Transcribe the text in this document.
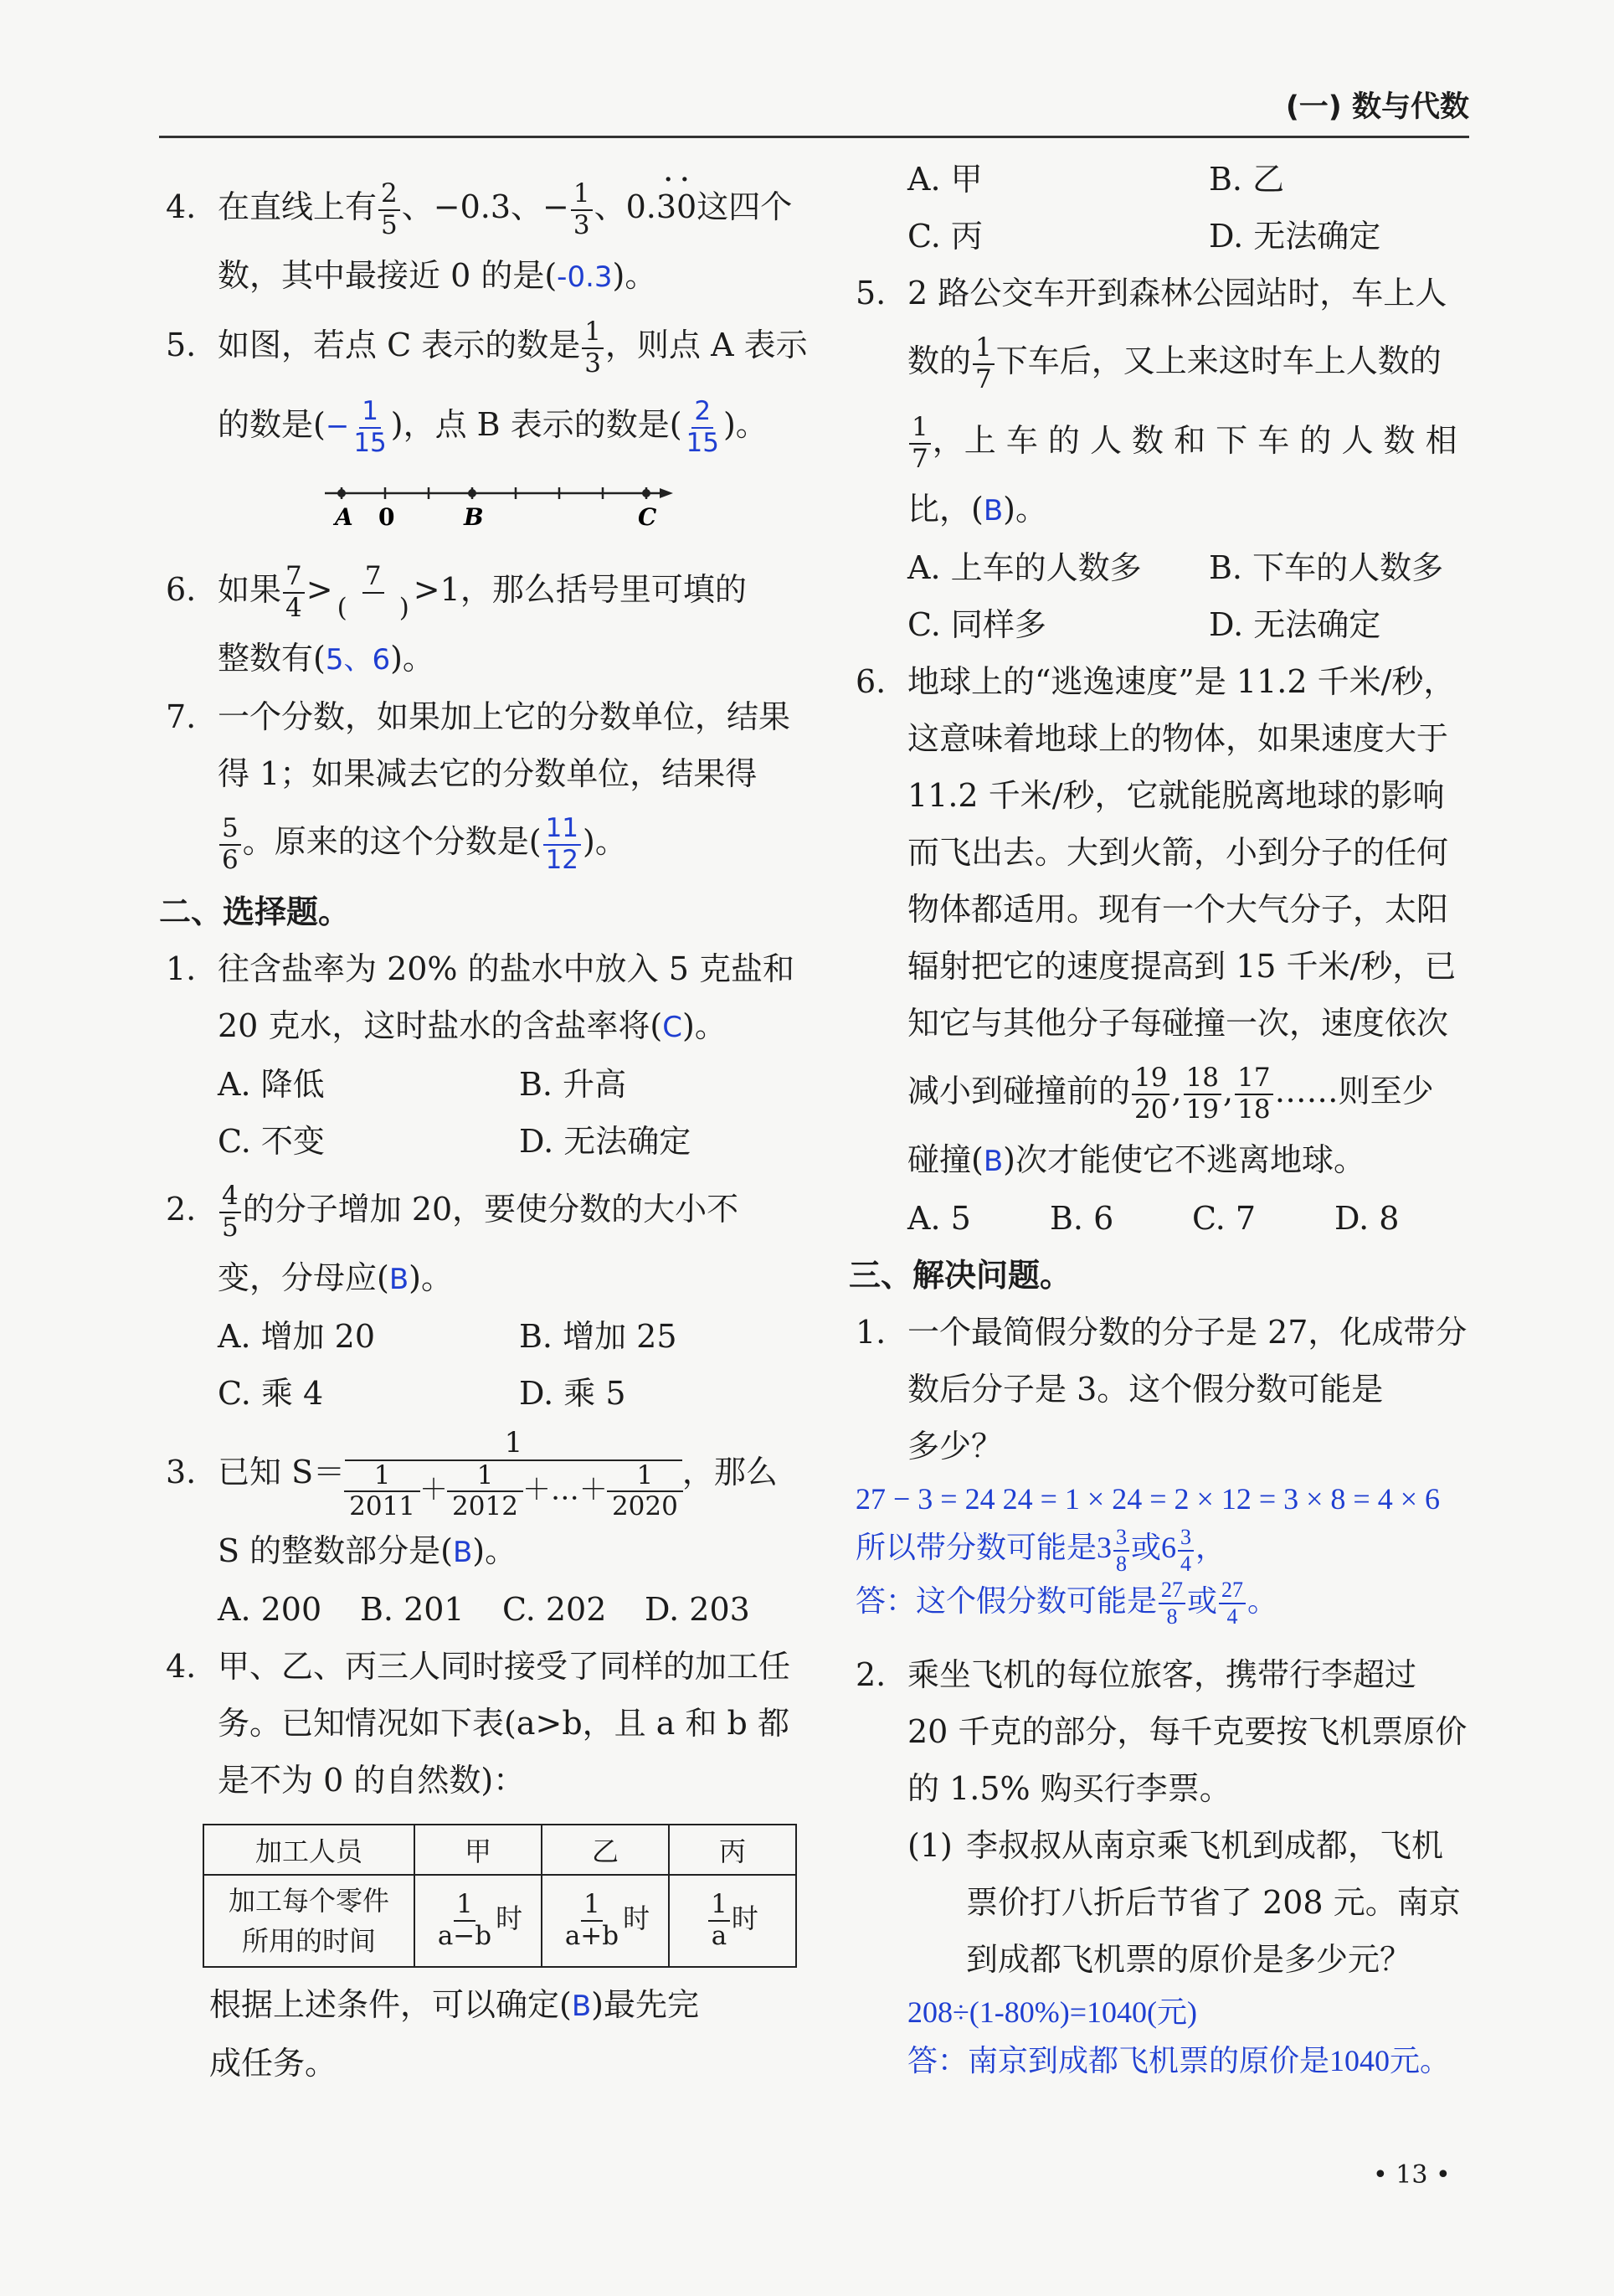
(一) 数与代数
4. 在直线上有 $\frac{2}{5}$ 、−0.3、− $\frac{1}{3}$ 、0.· 30 ·这四个
数，其中最接近 0 的是(-0.3)。
5. 如图，若点 C 表示的数是 $\frac{1}{3}$ ，则点 A 表示
的数是(− $\frac{1}{15}$ )，点 B 表示的数是( $\frac{2}{15}$ )。
A 0	B	C
6. 如果 $\frac{7}{4} > \frac{7}{( )} >1$，那么括号里可填的
整数有(5、6)。
7. 一个分数，如果加上它的分数单位，结果
得 1；如果减去它的分数单位，结果得
$\frac{5}{6}$ 。原来的这个分数是( $\frac{11}{12}$ )。
二、选择题。
1. 往含盐率为 20% 的盐水中放入 5 克盐和
20 克水，这时盐水的含盐率将(C)。
A. 降低	B. 升高
C. 不变	D. 无法确定
2. $\frac{4}{5}$ 的分子增加 20，要使分数的大小不
变，分母应(B)。
A. 增加 20	B. 增加 25
C. 乘 4	D. 乘 5
3. 已知 $S= \frac{1}{\frac{1}{2011} + \frac{1}{2012} +\dots+ \frac{1}{2020}}$ ，那么
S 的整数部分是(B)。
A. 200 B. 201 C. 202 D. 203
4. 甲、乙、丙三人同时接受了同样的加工任
务。已知情况如下表(a>b，且 a 和 b 都
是不为 0 的自然数)：
加工人员	甲	乙	丙
加工每个零件
所用的时间	$\frac{1}{a-b}$ 时	$\frac{1}{a+b}$ 时	$\frac{1}{a}$ 时
根据上述条件，可以确定(B)最先完
成任务。
A. 甲	B. 乙
C. 丙	D. 无法确定
5. 2 路公交车开到森林公园站时，车上人
数的 $\frac{1}{7}$ 下车后，又上来这时车上人数的
$\frac{1}{7}$ ，上 车 的 人 数 和 下 车 的 人 数 相
比，(B)。
A. 上车的人数多 B. 下车的人数多
C. 同样多	D. 无法确定
6. 地球上的“逃逸速度”是 11.2 千米/秒，
这意味着地球上的物体，如果速度大于
11.2 千米/秒，它就能脱离地球的影响
而飞出去。大到火箭，小到分子的任何
物体都适用。现有一个大气分子，太阳
辐射把它的速度提高到 15 千米/秒，已
知它与其他分子每碰撞一次，速度依次
减小到碰撞前的 $\frac{19}{20}$ , $\frac{18}{19}$ , $\frac{17}{18}$ ……则至少
碰撞(B)次才能使它不逃离地球。
A. 5 B. 6 C. 7 D. 8
三、解决问题。
1. 一个最简假分数的分子是 27，化成带分
数后分子是 3。这个假分数可能是
多少？
27 − 3 = 24 24 = 1 × 24 = 2 × 12 = 3 × 8 = 4 × 6
所以带分数可能是$3 \frac{3}{8}$ 或$6 \frac{3}{4}$ ，
答：这个假分数可能是 $\frac{27}{8}$ 或 $\frac{27}{4}$ 。
2. 乘坐飞机的每位旅客，携带行李超过
20 千克的部分，每千克要按飞机票原价
的 1.5% 购买行李票。
(1) 李叔叔从南京乘飞机到成都，飞机
票价打八折后节省了 208 元。南京
到成都飞机票的原价是多少元？
208÷(1-80%)=1040(元)
答：南京到成都飞机票的原价是1040元。
• 13 •
